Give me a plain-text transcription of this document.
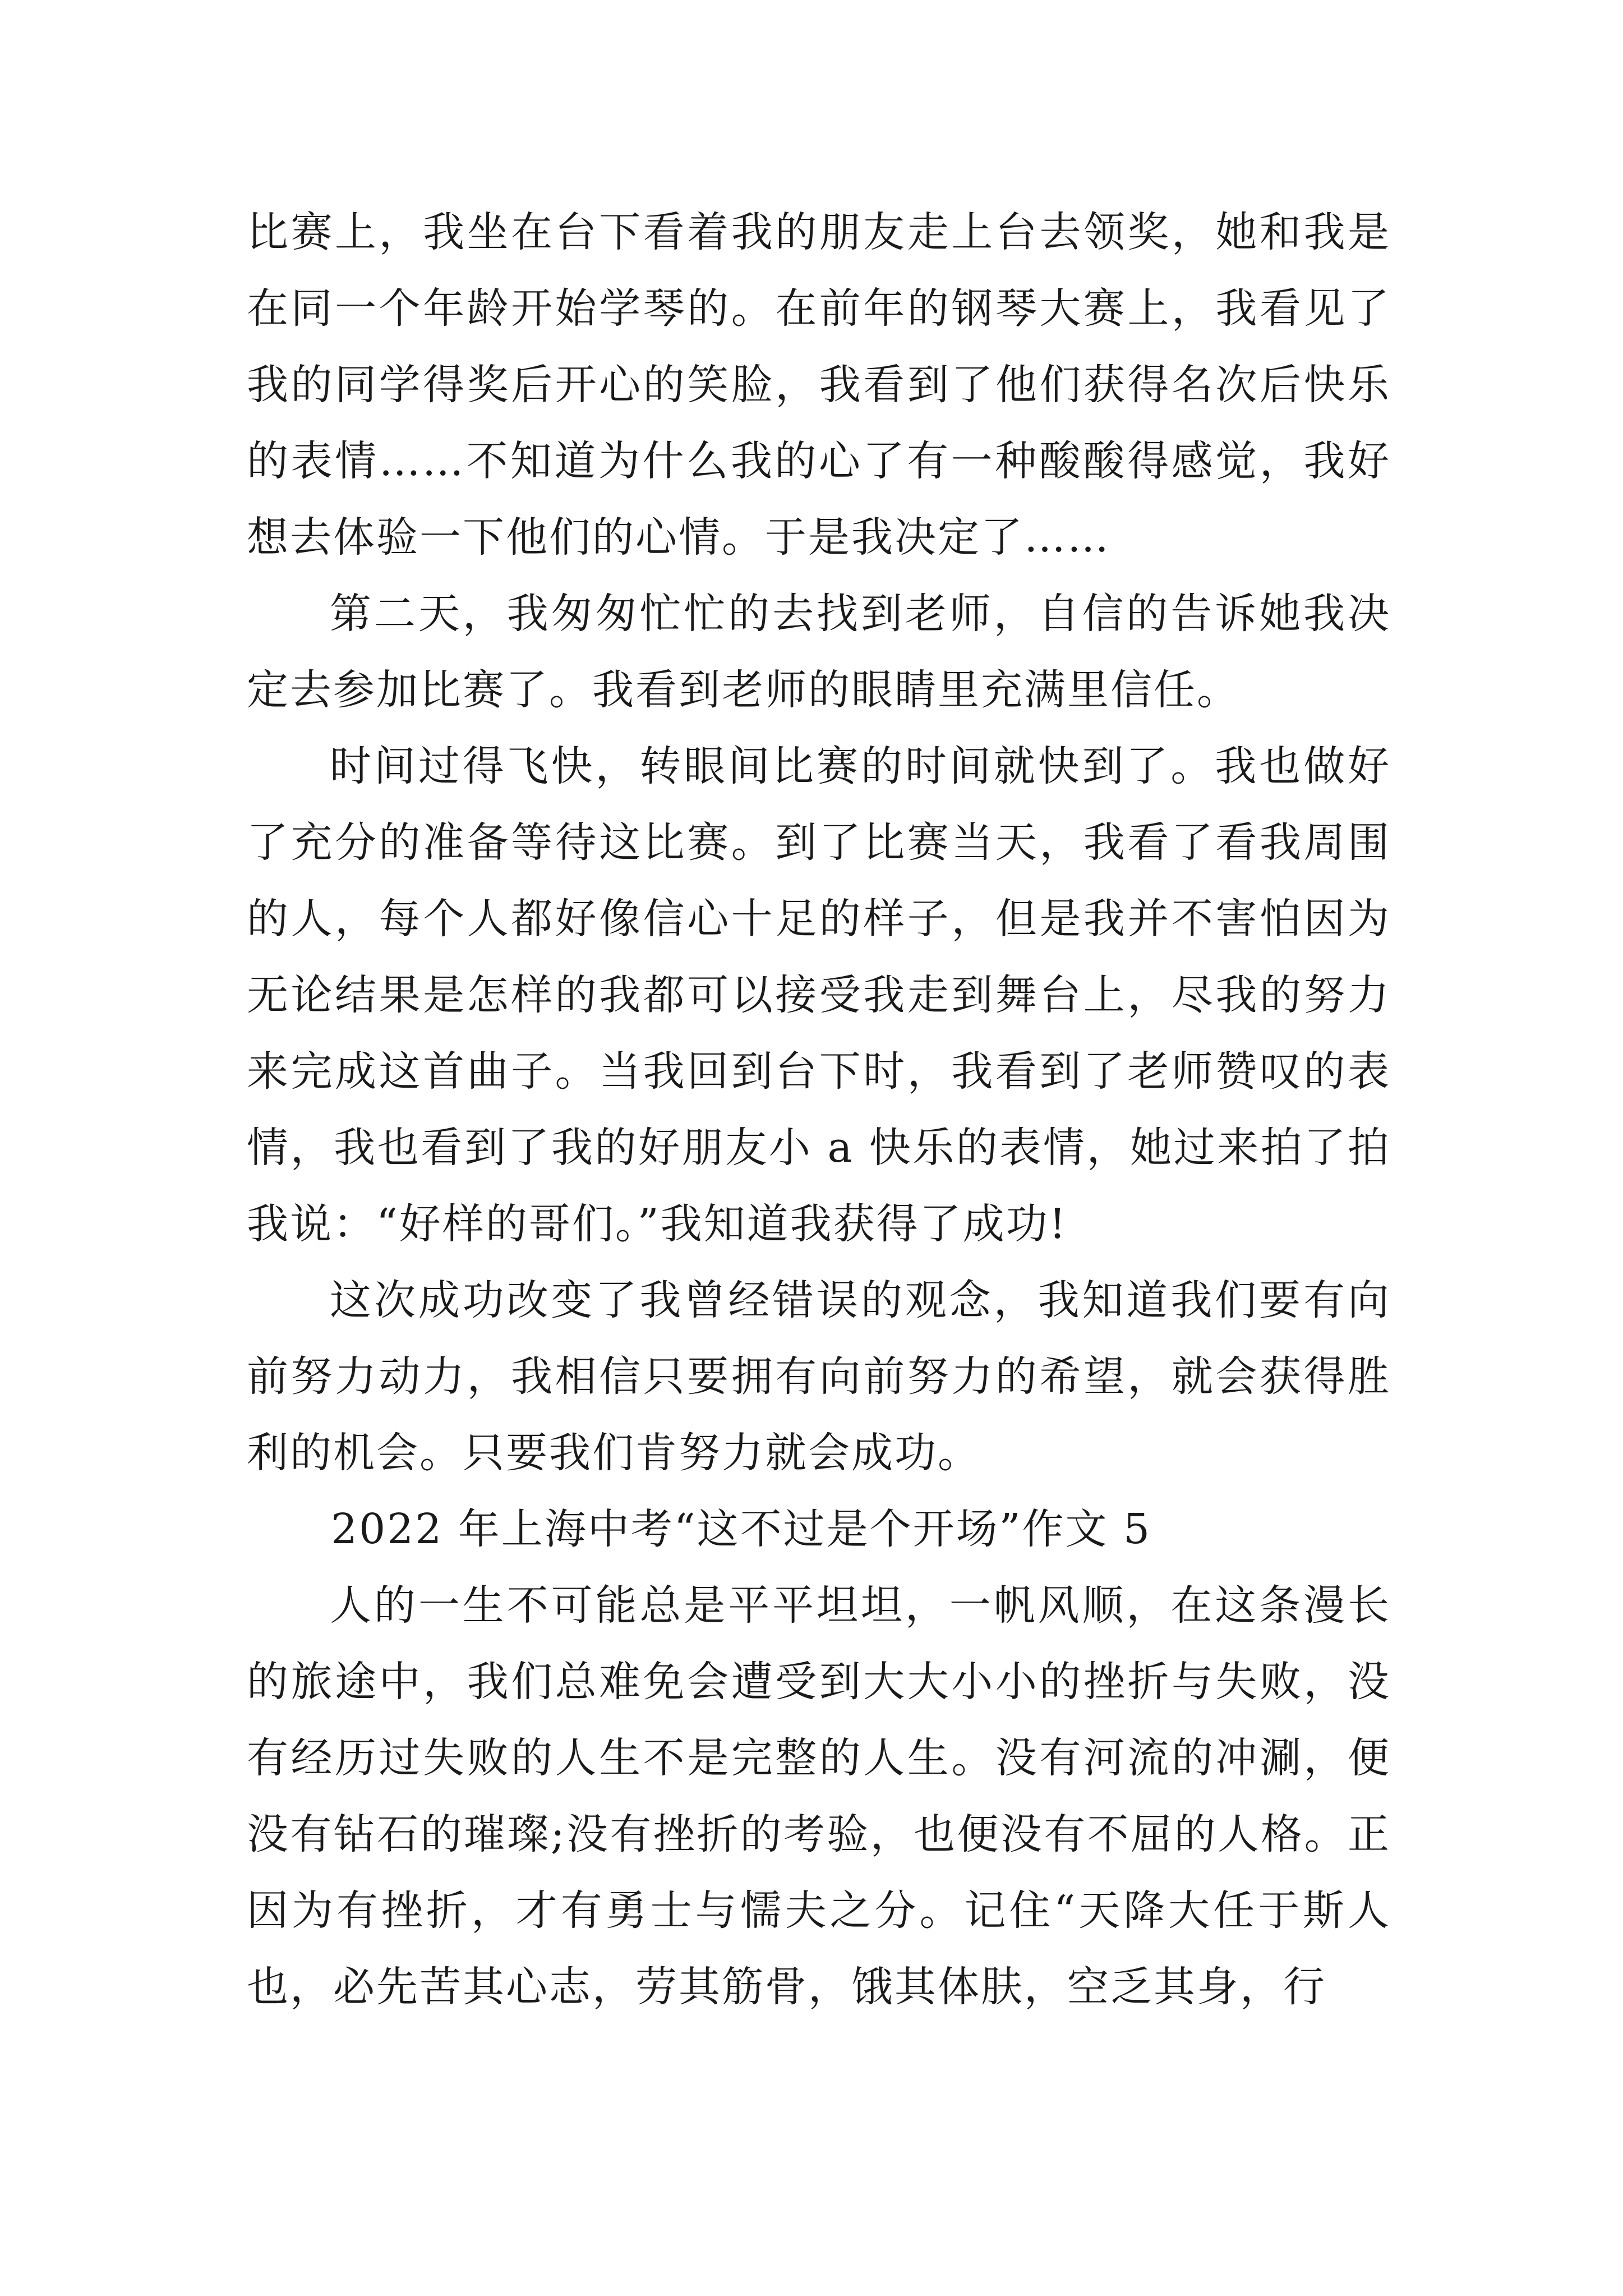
比赛上，我坐在台下看着我的朋友走上台去领奖，她和我是在同一个年龄开始学琴的。在前年的钢琴大赛上，我看见了我的同学得奖后开心的笑脸，我看到了他们获得名次后快乐的表情……不知道为什么我的心了有一种酸酸得感觉，我好想去体验一下他们的心情。于是我决定了……

第二天，我匆匆忙忙的去找到老师，自信的告诉她我决定去参加比赛了。我看到老师的眼睛里充满里信任。

时间过得飞快，转眼间比赛的时间就快到了。我也做好了充分的准备等待这比赛。到了比赛当天，我看了看我周围的人，每个人都好像信心十足的样子，但是我并不害怕因为无论结果是怎样的我都可以接受我走到舞台上，尽我的努力来完成这首曲子。当我回到台下时，我看到了老师赞叹的表情，我也看到了我的好朋友小 a 快乐的表情，她过来拍了拍我说：“好样的哥们。”我知道我获得了成功!

这次成功改变了我曾经错误的观念，我知道我们要有向前努力动力，我相信只要拥有向前努力的希望，就会获得胜利的机会。只要我们肯努力就会成功。

2022 年上海中考“这不过是个开场”作文 5

人的一生不可能总是平平坦坦，一帆风顺，在这条漫长的旅途中，我们总难免会遭受到大大小小的挫折与失败，没有经历过失败的人生不是完整的人生。没有河流的冲涮，便没有钻石的璀璨;没有挫折的考验，也便没有不屈的人格。正因为有挫折，才有勇士与懦夫之分。记住“天降大任于斯人也，必先苦其心志，劳其筋骨，饿其体肤，空乏其身，行
